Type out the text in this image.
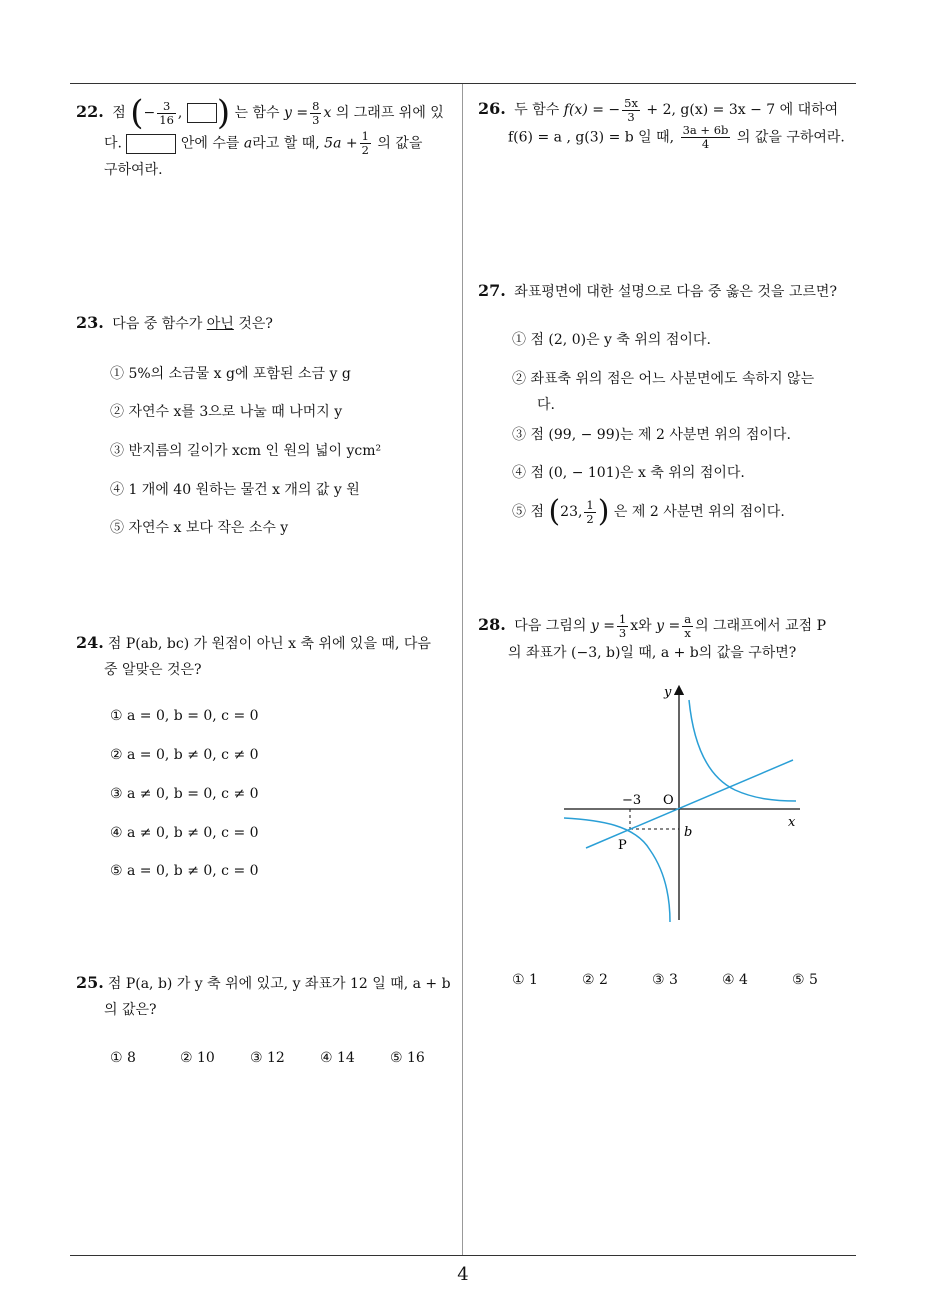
22. 점 (− $\frac{3}{16}$ , ) 는 함수 $y = \frac{8}{3}$ x 의 그래프 위에 있
다.	안에 수를 a라고 할 때, $5a + \frac{1}{2}$ 의 값을
구하여라.
23. 다음 중 함수가 아닌 것은?
① 5%의 소금물 x g에 포함된 소금 y g
② 자연수 x를 3으로 나눌 때 나머지 y
③ 반지름의 길이가 xcm 인 원의 넓이 ycm²
④ 1 개에 40 원하는 물건 x 개의 값 y 원
⑤ 자연수 x 보다 작은 소수 y
24. 점 P(ab, bc) 가 원점이 아닌 x 축 위에 있을 때, 다음
중 알맞은 것은?
① a = 0, b = 0, c = 0
② a = 0, b ≠ 0, c ≠ 0
③ a ≠ 0, b = 0, c ≠ 0
④ a ≠ 0, b ≠ 0, c = 0
⑤ a = 0, b ≠ 0, c = 0
25. 점 P(a, b) 가 y 축 위에 있고, y 좌표가 12 일 때, a + b
의 값은?
① 8	② 10	③ 12	④ 14	⑤ 16
26. 두 함수 f(x) = − $\frac{5x}{3} + 2$, g(x) = 3x − 7 에 대하여
f(6) = a , g(3) = b 일 때, $\frac{3a + 6b}{4}$ 의 값을 구하여라.
27. 좌표평면에 대한 설명으로 다음 중 옳은 것을 고르면?
① 점 (2, 0)은 y 축 위의 점이다.
② 좌표축 위의 점은 어느 사분면에도 속하지 않는
다.
③ 점 (99, − 99)는 제 2 사분면 위의 점이다.
④ 점 (0, − 101)은 x 축 위의 점이다.
⑤ 점 (23, $\frac{1}{2}$ ) 은 제 2 사분면 위의 점이다.
28. 다음 그림의 $y = \frac{1}{3}$ x와 $y = \frac{a}{x}$ 의 그래프에서 교점 P
의 좌표가 (−3, b)일 때, a + b의 값을 구하면?
y
x
O
−3
b
P
① 1	② 2	③ 3	④ 4	⑤ 5
4
